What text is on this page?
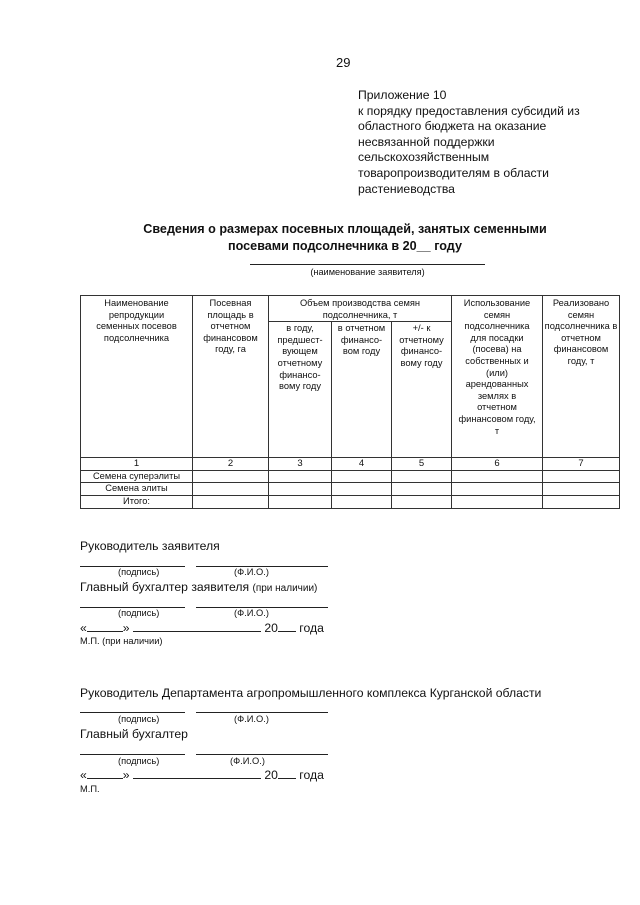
29
Приложение 10
к порядку предоставления субсидий из
областного бюджета на оказание
несвязанной поддержки
сельскохозяйственным
товаропроизводителям в области
растениеводства
Сведения о размерах посевных площадей, занятых семенными
посевами подсолнечника в 20__ году
(наименование заявителя)
Наименование репродукции семенных посевов подсолнечника	Посевная площадь в отчетном финансовом году, га	Объем производства семян подсолнечника, т			Использование семян подсолнечника для посадки (посева) на собственных и (или) арендованных землях в отчетном финансовом году, т	Реализовано семян подсолнечника в отчетном финансовом году, т
		в году, предшест-вующем отчетному финансо-вому году	в отчетном финансо-вом году	+/- к отчетному финансо-вому году		
1	2	3	4	5	6	7
Семена суперэлиты						
Семена элиты						
Итого:						
Руководитель заявителя
(подпись)	(Ф.И.О.)
Главный бухгалтер заявителя (при наличии)
(подпись)	(Ф.И.О.)
«	»	20 года
М.П. (при наличии)
Руководитель Департамента агропромышленного комплекса Курганской области
(подпись)	(Ф.И.О.)
Главный бухгалтер
(подпись)	(Ф.И.О.)
«	»	20 года
М.П.
